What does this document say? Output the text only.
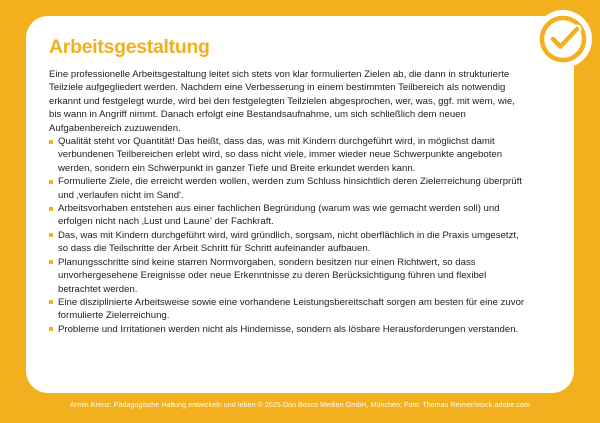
Arbeitsgestaltung

Eine professionelle Arbeitsgestaltung leitet sich stets von klar formulierten Zielen ab, die dann in strukturierte Teilziele aufgegliedert werden. Nachdem eine Verbesserung in einem bestimmten Teilbereich als notwendig erkannt und festgelegt wurde, wird bei den festgelegten Teilzielen abgesprochen, wer, was, ggf. mit wem, wie, bis wann in Angriff nimmt. Danach erfolgt eine Bestandsaufnahme, um sich schließlich dem neuen Aufgabenbereich zuzuwenden.

Qualität steht vor Quantität! Das heißt, dass das, was mit Kindern durchgeführt wird, in möglichst damit verbundenen Teilbereichen erlebt wird, so dass nicht viele, immer wieder neue Schwerpunkte angeboten werden, sondern ein Schwerpunkt in ganzer Tiefe und Breite erkundet werden kann.
Formulierte Ziele, die erreicht werden wollen, werden zum Schluss hinsichtlich deren Zielerreichung überprüft und ‚verlaufen nicht im Sand'.
Arbeitsvorhaben entstehen aus einer fachlichen Begründung (warum was wie gemacht werden soll) und erfolgen nicht nach ‚Lust und Laune' der Fachkraft.
Das, was mit Kindern durchgeführt wird, wird gründlich, sorgsam, nicht oberflächlich in die Praxis umgesetzt, so dass die Teilschritte der Arbeit Schritt für Schritt aufeinander aufbauen.
Planungsschritte sind keine starren Normvorgaben, sondern besitzen nur einen Richtwert, so dass unvorhergesehene Ereignisse oder neue Erkenntnisse zu deren Berücksichtigung führen und flexibel betrachtet werden.
Eine disziplinierte Arbeitsweise sowie eine vorhandene Leistungsbereitschaft sorgen am besten für eine zuvor formulierte Zielerreichung.
Probleme und Irritationen werden nicht als Hindernisse, sondern als lösbare Herausforderungen verstanden.
Armin Krenz: Pädagogische Haltung entwickeln und leben © 2025 Don Bosco Medien GmbH, München; Foto: Thomas Reimer/stock.adobe.com
